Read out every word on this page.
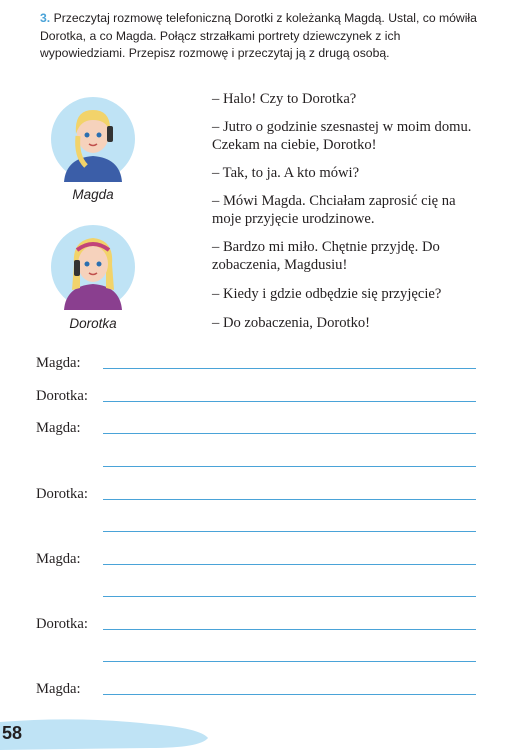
3. Przeczytaj rozmowę telefoniczną Dorotki z koleżanką Magdą. Ustal, co mówiła Dorotka, a co Magda. Połącz strzałkami portrety dziewczynek z ich wypowiedziami. Przepisz rozmowę i przeczytaj ją z drugą osobą.
Magda
Dorotka
– Halo! Czy to Dorotka?
– Jutro o godzinie szesnastej w moim domu. Czekam na ciebie, Dorotko!
– Tak, to ja. A kto mówi?
– Mówi Magda. Chciałam zaprosić cię na moje przyjęcie urodzinowe.
– Bardzo mi miło. Chętnie przyjdę. Do zobaczenia, Magdusiu!
– Kiedy i gdzie odbędzie się przyjęcie?
– Do zobaczenia, Dorotko!
Magda:
Dorotka:
Magda:
Dorotka:
Magda:
Dorotka:
Magda:
58
